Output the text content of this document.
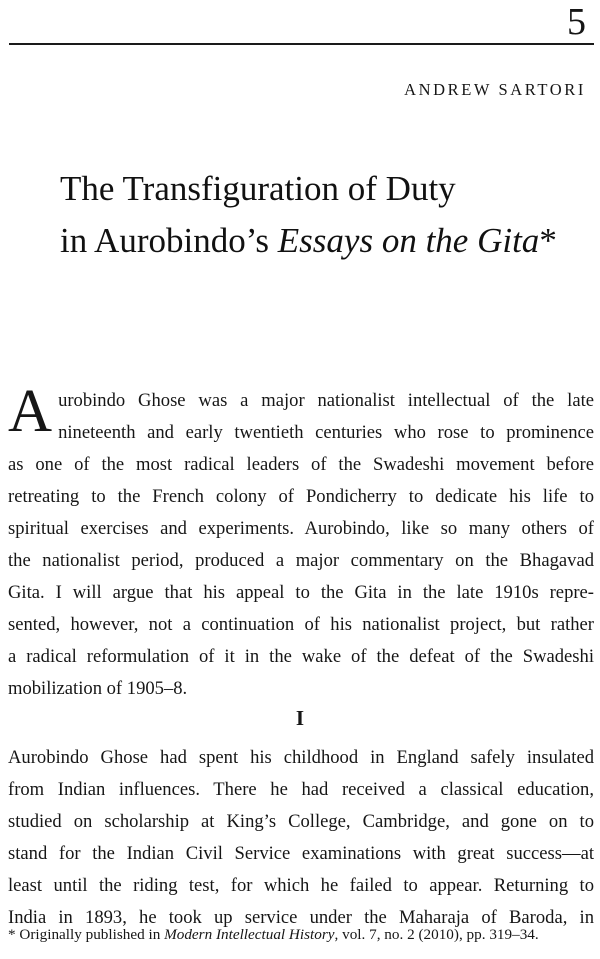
5
ANDREW SARTORI
The Transfiguration of Duty
in Aurobindo’s Essays on the Gita*
A urobindo Ghose was a major nationalist intellectual of the late
nineteenth and early twentieth centuries who rose to prominence
as one of the most radical leaders of the Swadeshi movement before
retreating to the French colony of Pondicherry to dedicate his life to
spiritual exercises and experiments. Aurobindo, like so many others of
the nationalist period, produced a major commentary on the Bhagavad
Gita. I will argue that his appeal to the Gita in the late 1910s repre-
sented, however, not a continuation of his nationalist project, but rather
a radical reformulation of it in the wake of the defeat of the Swadeshi
mobilization of 1905–8.
I
Aurobindo Ghose had spent his childhood in England safely insulated
from Indian influences. There he had received a classical education,
studied on scholarship at King’s College, Cambridge, and gone on to
stand for the Indian Civil Service examinations with great success—at
least until the riding test, for which he failed to appear. Returning to
India in 1893, he took up service under the Maharaja of Baroda, in

* Originally published in Modern Intellectual History, vol. 7, no. 2 (2010), pp. 319–34.
